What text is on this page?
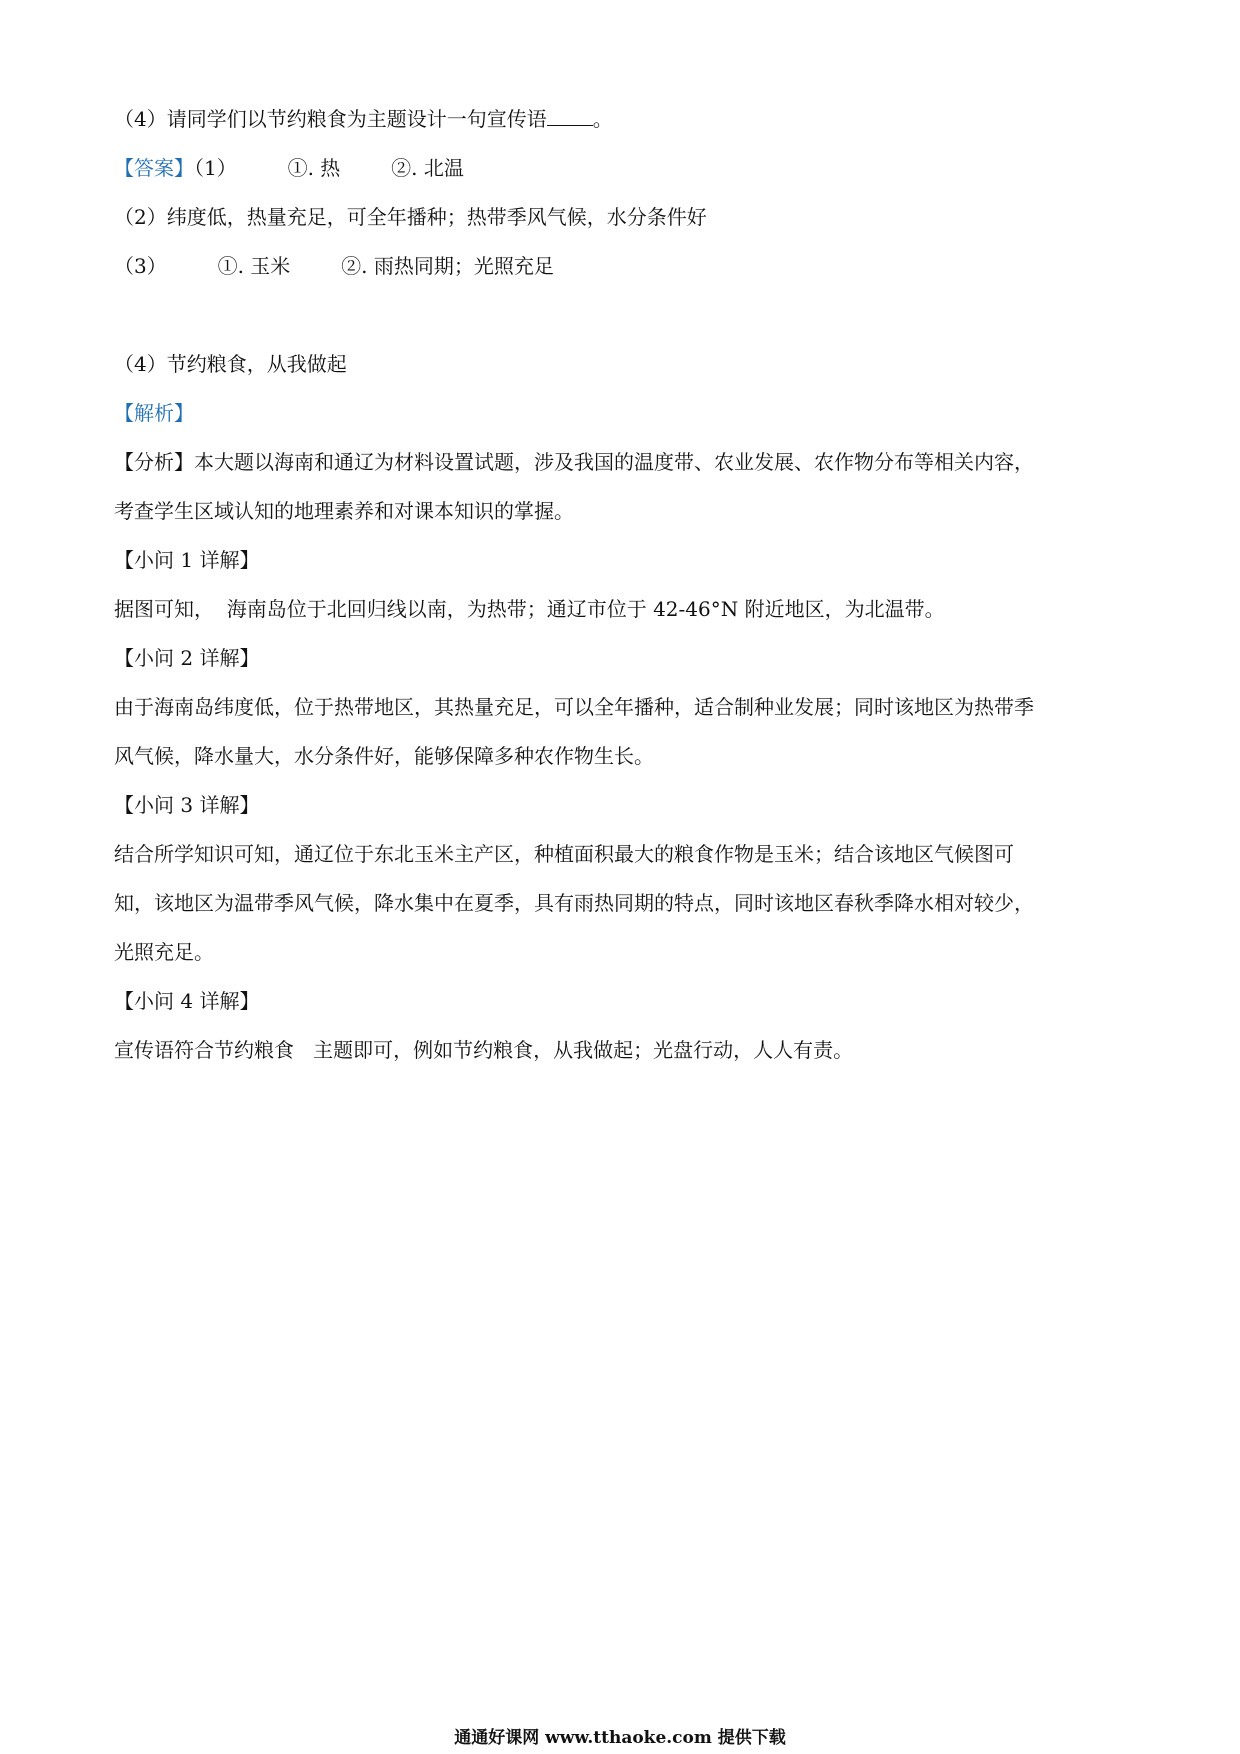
（4）请同学们以节约粮食为主题设计一句宣传语 。
【答案】（1）        ①. 热        ②. 北温
（2）纬度低，热量充足，可全年播种；热带季风气候，水分条件好
（3）        ①. 玉米        ②. 雨热同期；光照充足
（4）节约粮食，从我做起
【解析】
【分析】本大题以海南和通辽为材料设置试题，涉及我国的温度带、农业发展、农作物分布等相关内容，
考查学生区域认知的地理素养和对课本知识的掌握。
【小问 1 详解】
据图可知，  海南岛位于北回归线以南，为热带；通辽市位于 42-46°N 附近地区，为北温带。
【小问 2 详解】
由于海南岛纬度低，位于热带地区，其热量充足，可以全年播种，适合制种业发展；同时该地区为热带季
风气候，降水量大，水分条件好，能够保障多种农作物生长。
【小问 3 详解】
结合所学知识可知，通辽位于东北玉米主产区，种植面积最大的粮食作物是玉米；结合该地区气候图可
知，该地区为温带季风气候，降水集中在夏季，具有雨热同期的特点，同时该地区春秋季降水相对较少，
光照充足。
【小问 4 详解】
宣传语符合节约粮食   主题即可，例如节约粮食，从我做起；光盘行动，人人有责。
通通好课网 www.tthaoke.com 提供下载
